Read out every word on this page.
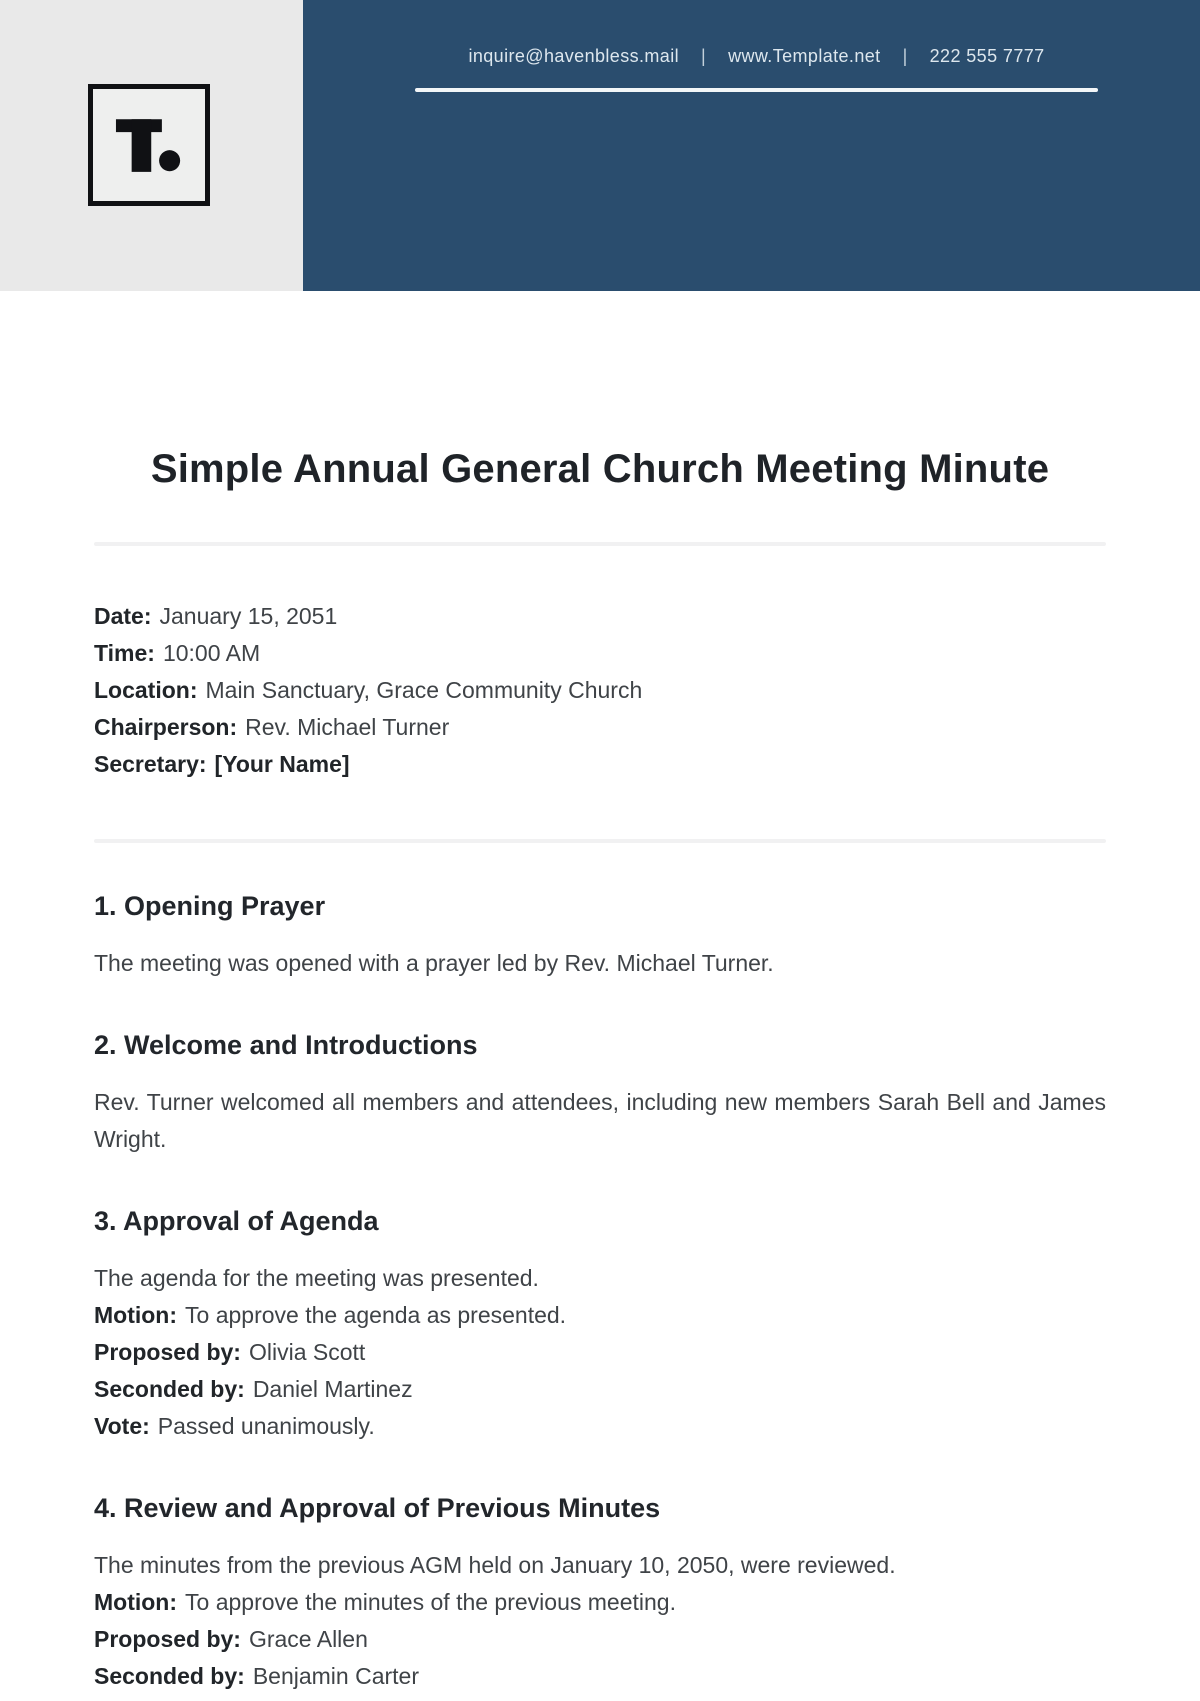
inquire@havenbless.mail | www.Template.net | 222 555 7777
Simple Annual General Church Meeting Minute

Date: January 15, 2051

Time: 10:00 AM

Location: Main Sanctuary, Grace Community Church

Chairperson: Rev. Michael Turner

Secretary: [Your Name]

1. Opening Prayer

The meeting was opened with a prayer led by Rev. Michael Turner.

2. Welcome and Introductions

Rev. Turner welcomed all members and attendees, including new members Sarah Bell and James Wright.

3. Approval of Agenda

The agenda for the meeting was presented.

Motion: To approve the agenda as presented.

Proposed by: Olivia Scott

Seconded by: Daniel Martinez

Vote: Passed unanimously.

4. Review and Approval of Previous Minutes

The minutes from the previous AGM held on January 10, 2050, were reviewed.

Motion: To approve the minutes of the previous meeting.

Proposed by: Grace Allen

Seconded by: Benjamin Carter
